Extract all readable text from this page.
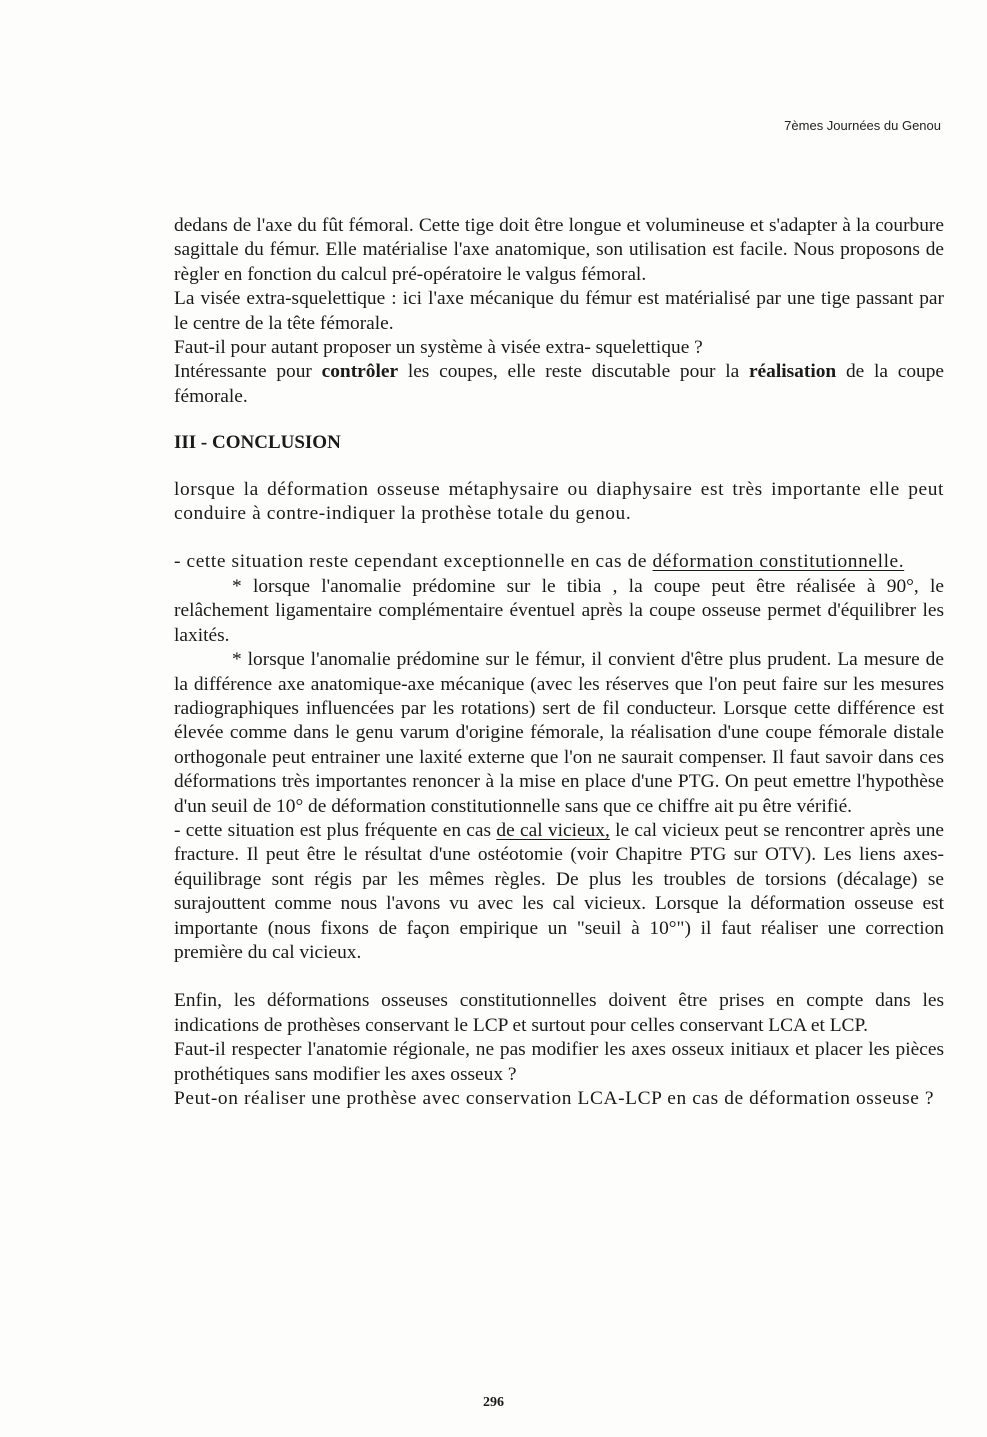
7èmes Journées du Genou

dedans de l'axe du fût fémoral. Cette tige doit être longue et volumineuse et s'adapter à la courbure sagittale du fémur. Elle matérialise l'axe anatomique, son utilisation est facile. Nous proposons de règler en fonction du calcul pré-opératoire le valgus fémoral.

La visée extra-squelettique : ici l'axe mécanique du fémur est matérialisé par une tige passant par le centre de la tête fémorale.

Faut-il pour autant proposer un système à visée extra- squelettique ?

Intéressante pour contrôler les coupes, elle reste discutable pour la réalisation de la coupe fémorale.

III - CONCLUSION

lorsque la déformation osseuse métaphysaire ou diaphysaire est très importante elle peut conduire à contre-indiquer la prothèse totale du genou.

- cette situation reste cependant exceptionnelle en cas de déformation constitutionnelle.

* lorsque l'anomalie prédomine sur le tibia , la coupe peut être réalisée à 90°, le relâchement ligamentaire complémentaire éventuel après la coupe osseuse permet d'équilibrer les laxités.

* lorsque l'anomalie prédomine sur le fémur, il convient d'être plus prudent. La mesure de la différence axe anatomique-axe mécanique (avec les réserves que l'on peut faire sur les mesures radiographiques influencées par les rotations) sert de fil conducteur. Lorsque cette différence est élevée comme dans le genu varum d'origine fémorale, la réalisation d'une coupe fémorale distale orthogonale peut entrainer une laxité externe que l'on ne saurait compenser. Il faut savoir dans ces déformations très importantes renoncer à la mise en place d'une PTG. On peut emettre l'hypothèse d'un seuil de 10° de déformation constitutionnelle sans que ce chiffre ait pu être vérifié.

- cette situation est plus fréquente en cas de cal vicieux, le cal vicieux peut se rencontrer après une fracture. Il peut être le résultat d'une ostéotomie (voir Chapitre PTG sur OTV). Les liens axes-équilibrage sont régis par les mêmes règles. De plus les troubles de torsions (décalage) se surajouttent comme nous l'avons vu avec les cal vicieux. Lorsque la déformation osseuse est importante (nous fixons de façon empirique un "seuil à 10°") il faut réaliser une correction première du cal vicieux.

Enfin, les déformations osseuses constitutionnelles doivent être prises en compte dans les indications de prothèses conservant le LCP et surtout pour celles conservant LCA et LCP.

Faut-il respecter l'anatomie régionale, ne pas modifier les axes osseux initiaux et placer les pièces prothétiques sans modifier les axes osseux ?

Peut-on réaliser une prothèse avec conservation LCA-LCP en cas de déformation osseuse ?

296
